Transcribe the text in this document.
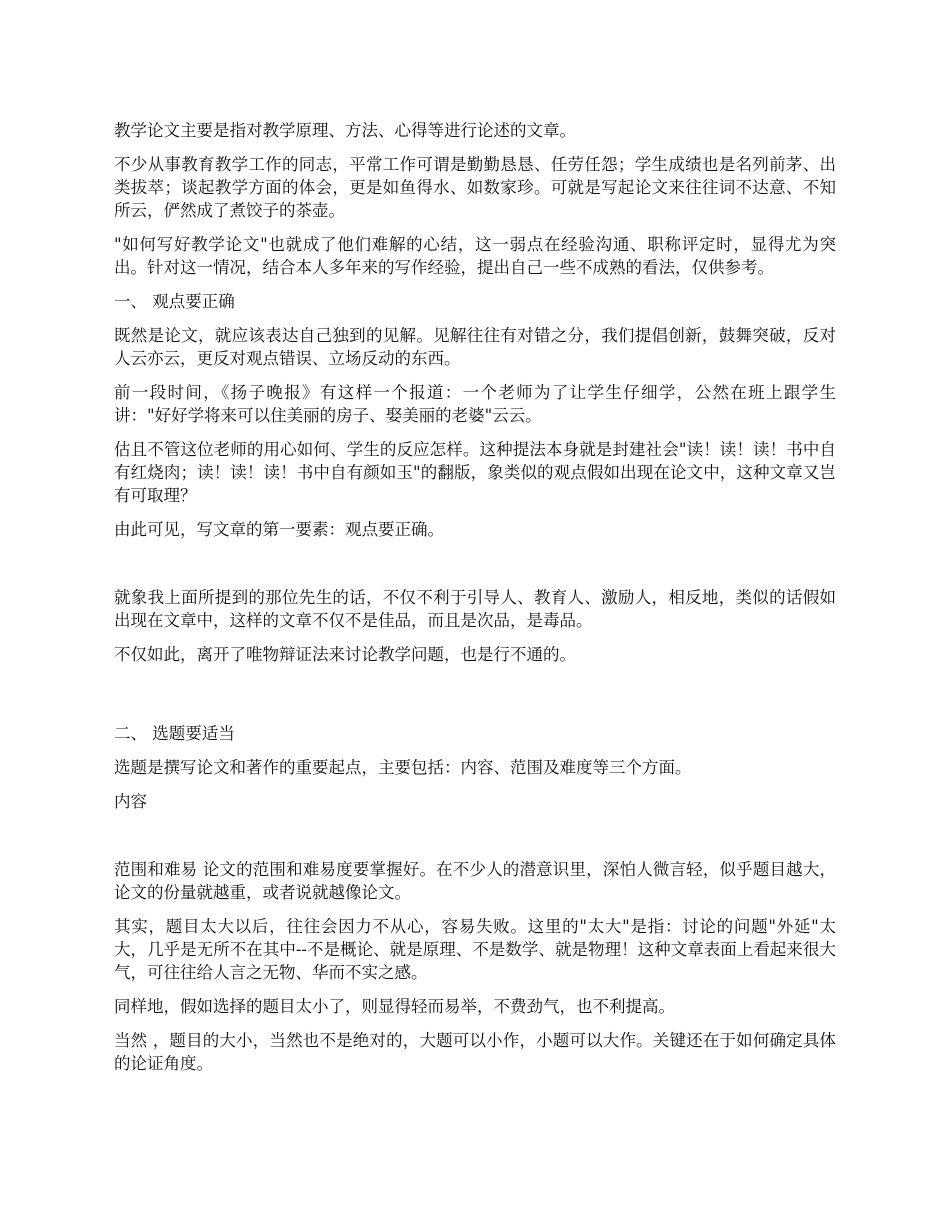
教学论文主要是指对教学原理、方法、心得等进行论述的文章。

不少从事教育教学工作的同志，平常工作可谓是勤勤恳恳、任劳任怨；学生成绩也是名列前茅、出类拔萃；谈起教学方面的体会，更是如鱼得水、如数家珍。可就是写起论文来往往词不达意、不知所云，俨然成了煮饺子的茶壶。

"如何写好教学论文"也就成了他们难解的心结，这一弱点在经验沟通、职称评定时，显得尤为突出。针对这一情况，结合本人多年来的写作经验，提出自己一些不成熟的看法，仅供参考。

一、 观点要正确

既然是论文，就应该表达自己独到的见解。见解往往有对错之分，我们提倡创新，鼓舞突破，反对人云亦云，更反对观点错误、立场反动的东西。

前一段时间，《扬子晚报》有这样一个报道：一个老师为了让学生仔细学，公然在班上跟学生讲："好好学将来可以住美丽的房子、娶美丽的老婆"云云。

估且不管这位老师的用心如何、学生的反应怎样。这种提法本身就是封建社会"读！读！读！书中自有红烧肉；读！读！读！书中自有颜如玉"的翻版，象类似的观点假如出现在论文中，这种文章又岂有可取理？

由此可见，写文章的第一要素：观点要正确。

就象我上面所提到的那位先生的话，不仅不利于引导人、教育人、激励人，相反地，类似的话假如出现在文章中，这样的文章不仅不是佳品，而且是次品，是毒品。

不仅如此，离开了唯物辩证法来讨论教学问题，也是行不通的。

二、 选题要适当

选题是撰写论文和著作的重要起点，主要包括：内容、范围及难度等三个方面。

内容

范围和难易 论文的范围和难易度要掌握好。在不少人的潜意识里，深怕人微言轻，似乎题目越大，论文的份量就越重，或者说就越像论文。

其实，题目太大以后，往往会因力不从心，容易失败。这里的"太大"是指：讨论的问题"外延"太大，几乎是无所不在其中--不是概论、就是原理、不是数学、就是物理！这种文章表面上看起来很大气，可往往给人言之无物、华而不实之感。

同样地，假如选择的题目太小了，则显得轻而易举，不费劲气，也不利提高。

当然 ，题目的大小，当然也不是绝对的，大题可以小作，小题可以大作。关键还在于如何确定具体的论证角度。
